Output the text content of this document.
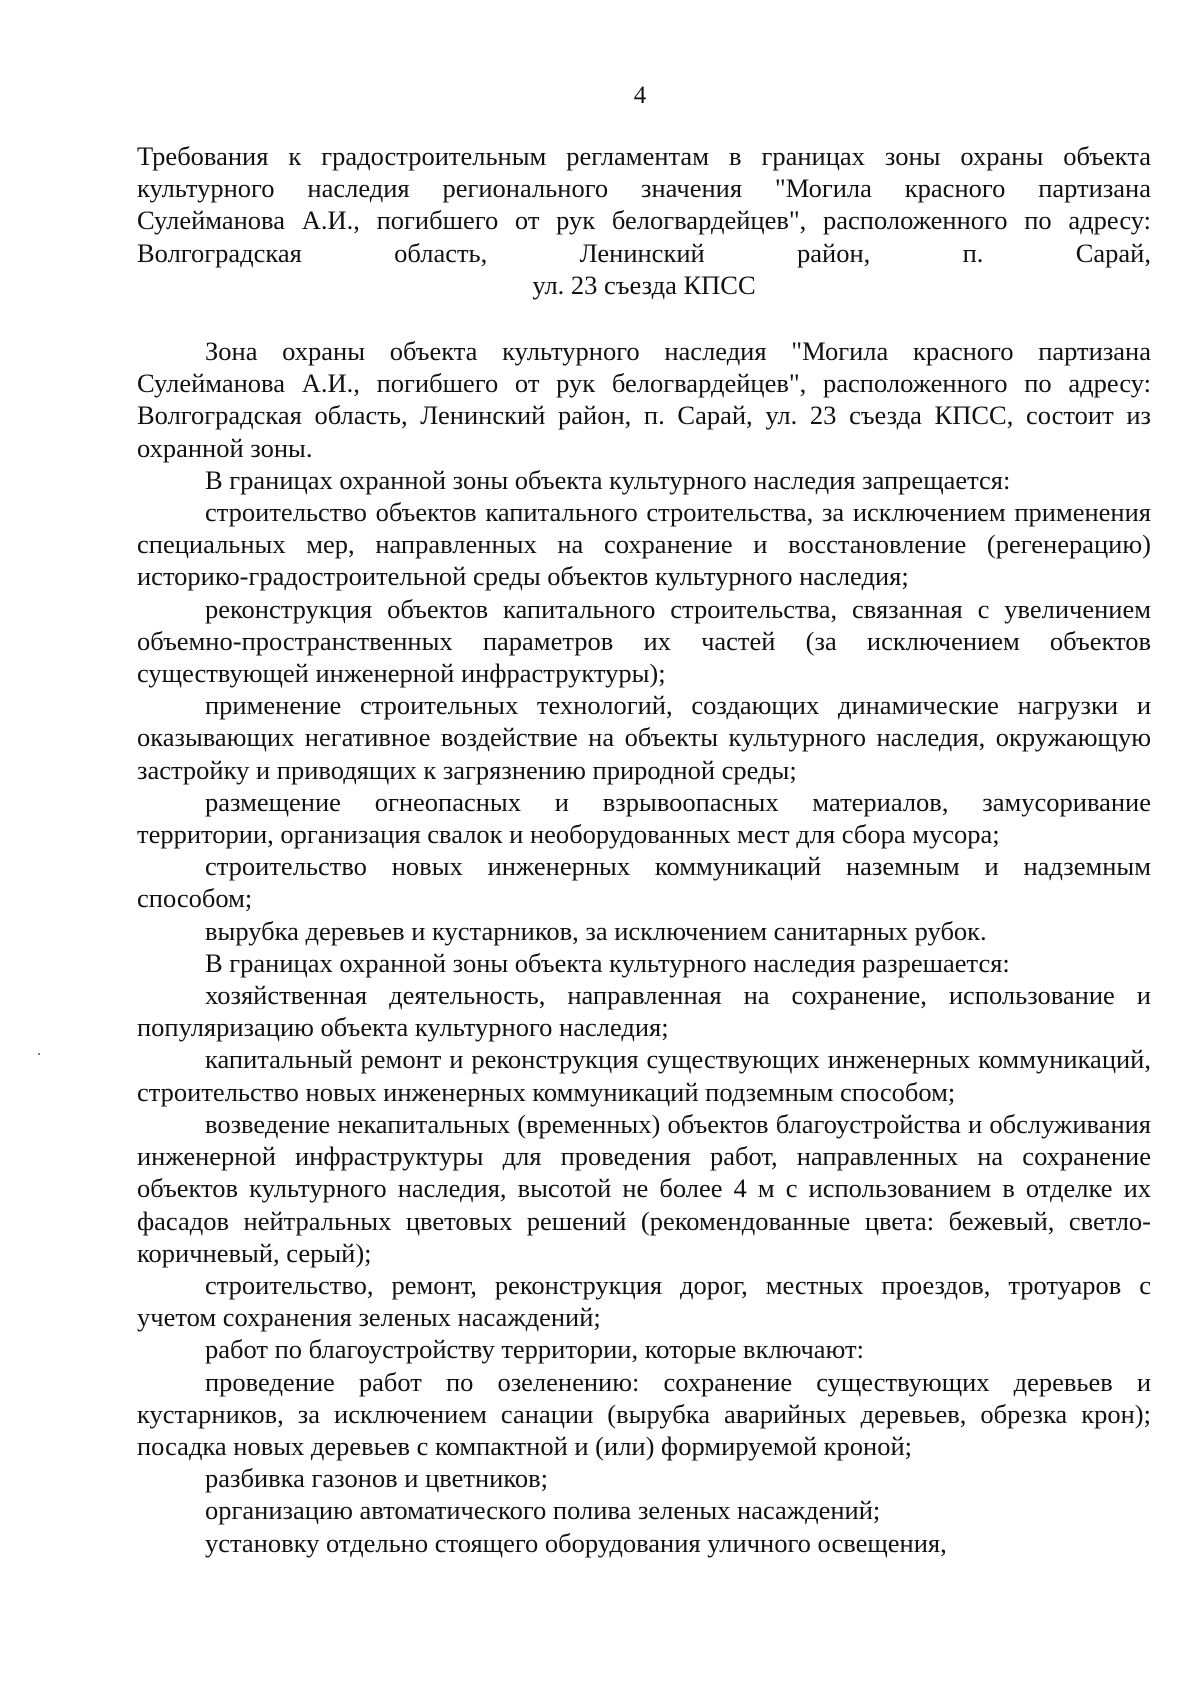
4

Требования к градостроительным регламентам в границах зоны охраны объекта

культурного наследия регионального значения "Могила красного партизана

Сулейманова А.И., погибшего от рук белогвардейцев", расположенного по адресу:

Волгоградская область, Ленинский район, п. Сарай,

ул. 23 съезда КПСС

Зона охраны объекта культурного наследия "Могила красного партизана Сулейманова А.И., погибшего от рук белогвардейцев", расположенного по адресу: Волгоградская область, Ленинский район, п. Сарай, ул. 23 съезда КПСС, состоит из охранной зоны.

В границах охранной зоны объекта культурного наследия запрещается:

строительство объектов капитального строительства, за исключением применения специальных мер, направленных на сохранение и восстановление (регенерацию) историко-градостроительной среды объектов культурного наследия;

реконструкция объектов капитального строительства, связанная с увеличением объемно-пространственных параметров их частей (за исключением объектов существующей инженерной инфраструктуры);

применение строительных технологий, создающих динамические нагрузки и оказывающих негативное воздействие на объекты культурного наследия, окружающую застройку и приводящих к загрязнению природной среды;

размещение огнеопасных и взрывоопасных материалов, замусоривание территории, организация свалок и необорудованных мест для сбора мусора;

строительство новых инженерных коммуникаций наземным и надземным способом;

вырубка деревьев и кустарников, за исключением санитарных рубок.

В границах охранной зоны объекта культурного наследия разрешается:

хозяйственная деятельность, направленная на сохранение, использование и популяризацию объекта культурного наследия;

капитальный ремонт и реконструкция существующих инженерных коммуникаций, строительство новых инженерных коммуникаций подземным способом;

возведение некапитальных (временных) объектов благоустройства и обслуживания инженерной инфраструктуры для проведения работ, направленных на сохранение объектов культурного наследия, высотой не более 4 м с использованием в отделке их фасадов нейтральных цветовых решений (рекомендованные цвета: бежевый, светло-коричневый, серый);

строительство, ремонт, реконструкция дорог, местных проездов, тротуаров с учетом сохранения зеленых насаждений;

работ по благоустройству территории, которые включают:

проведение работ по озеленению: сохранение существующих деревьев и кустарников, за исключением санации (вырубка аварийных деревьев, обрезка крон); посадка новых деревьев с компактной и (или) формируемой кроной;

разбивка газонов и цветников;

организацию автоматического полива зеленых насаждений;

установку отдельно стоящего оборудования уличного освещения,
